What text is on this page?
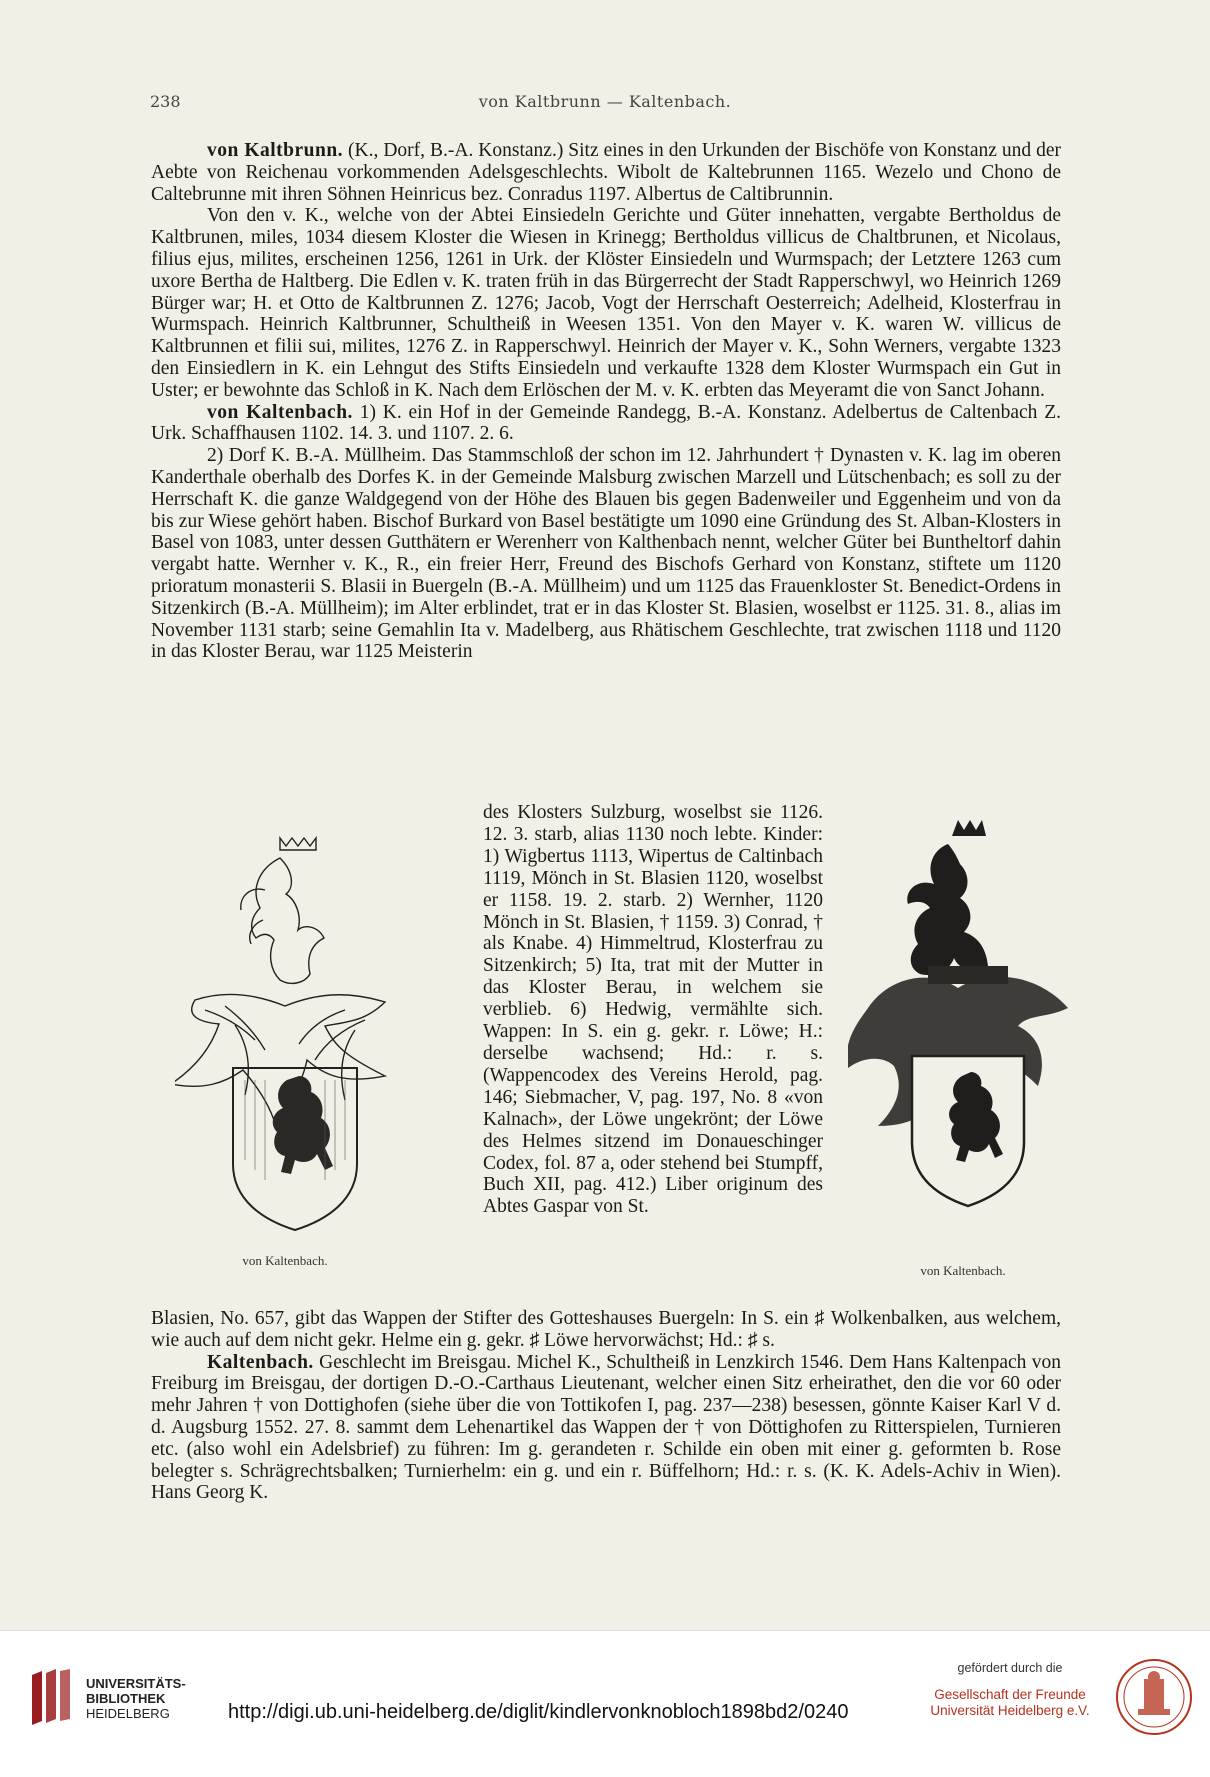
238	von Kaltbrunn — Kaltenbach.

von Kaltbrunn. (K., Dorf, B.-A. Konstanz.) Sitz eines in den Urkunden der Bischöfe von Konstanz und der Aebte von Reichenau vorkommenden Adelsgeschlechts. Wibolt de Kaltebrunnen 1165. Wezelo und Chono de Caltebrunne mit ihren Söhnen Heinricus bez. Conradus 1197. Albertus de Caltibrunnin.

Von den v. K., welche von der Abtei Einsiedeln Gerichte und Güter innehatten, vergabte Bertholdus de Kaltbrunen, miles, 1034 diesem Kloster die Wiesen in Krinegg; Bertholdus villicus de Chaltbrunen, et Nicolaus, filius ejus, milites, erscheinen 1256, 1261 in Urk. der Klöster Einsiedeln und Wurmspach; der Letztere 1263 cum uxore Bertha de Haltberg. Die Edlen v. K. traten früh in das Bürgerrecht der Stadt Rapperschwyl, wo Heinrich 1269 Bürger war; H. et Otto de Kaltbrunnen Z. 1276; Jacob, Vogt der Herrschaft Oesterreich; Adelheid, Klosterfrau in Wurmspach. Heinrich Kaltbrunner, Schultheiß in Weesen 1351. Von den Mayer v. K. waren W. villicus de Kaltbrunnen et filii sui, milites, 1276 Z. in Rapperschwyl. Heinrich der Mayer v. K., Sohn Werners, vergabte 1323 den Einsiedlern in K. ein Lehngut des Stifts Einsiedeln und verkaufte 1328 dem Kloster Wurmspach ein Gut in Uster; er bewohnte das Schloß in K. Nach dem Erlöschen der M. v. K. erbten das Meyeramt die von Sanct Johann.

von Kaltenbach. 1) K. ein Hof in der Gemeinde Randegg, B.-A. Konstanz. Adelbertus de Caltenbach Z. Urk. Schaffhausen 1102. 14. 3. und 1107. 2. 6.

2) Dorf K. B.-A. Müllheim. Das Stammschloß der schon im 12. Jahrhundert † Dynasten v. K. lag im oberen Kanderthale oberhalb des Dorfes K. in der Gemeinde Malsburg zwischen Marzell und Lütschenbach; es soll zu der Herrschaft K. die ganze Waldgegend von der Höhe des Blauen bis gegen Badenweiler und Eggenheim und von da bis zur Wiese gehört haben. Bischof Burkard von Basel bestätigte um 1090 eine Gründung des St. Alban-Klosters in Basel von 1083, unter dessen Gutthätern er Werenherr von Kalthenbach nennt, welcher Güter bei Buntheltorf dahin vergabt hatte. Wernher v. K., R., ein freier Herr, Freund des Bischofs Gerhard von Konstanz, stiftete um 1120 prioratum monasterii S. Blasii in Buergeln (B.-A. Müllheim) und um 1125 das Frauenkloster St. Benedict-Ordens in Sitzenkirch (B.-A. Müllheim); im Alter erblindet, trat er in das Kloster St. Blasien, woselbst er 1125. 31. 8., alias im November 1131 starb; seine Gemahlin Ita v. Madelberg, aus Rhätischem Geschlechte, trat zwischen 1118 und 1120 in das Kloster Berau, war 1125 Meisterin

von Kaltenbach.
des Klosters Sulzburg, woselbst sie 1126. 12. 3. starb, alias 1130 noch lebte. Kinder: 1) Wigbertus 1113, Wipertus de Caltinbach 1119, Mönch in St. Blasien 1120, woselbst er 1158. 19. 2. starb. 2) Wernher, 1120 Mönch in St. Blasien, † 1159. 3) Conrad, † als Knabe. 4) Himmeltrud, Klosterfrau zu Sitzenkirch; 5) Ita, trat mit der Mutter in das Kloster Berau, in welchem sie verblieb. 6) Hedwig, vermählte sich. Wappen: In S. ein g. gekr. r. Löwe; H.: derselbe wachsend; Hd.: r. s. (Wappencodex des Vereins Herold, pag. 146; Siebmacher, V, pag. 197, No. 8 «von Kalnach», der Löwe ungekrönt; der Löwe des Helmes sitzend im Donaueschinger Codex, fol. 87 a, oder stehend bei Stumpff, Buch XII, pag. 412.) Liber originum des Abtes Gaspar von St.
von Kaltenbach.

Blasien, No. 657, gibt das Wappen der Stifter des Gotteshauses Buergeln: In S. ein ♯ Wolkenbalken, aus welchem, wie auch auf dem nicht gekr. Helme ein g. gekr. ♯ Löwe hervorwächst; Hd.: ♯ s.

Kaltenbach. Geschlecht im Breisgau. Michel K., Schultheiß in Lenzkirch 1546. Dem Hans Kaltenpach von Freiburg im Breisgau, der dortigen D.-O.-Carthaus Lieutenant, welcher einen Sitz erheirathet, den die vor 60 oder mehr Jahren † von Dottighofen (siehe über die von Tottikofen I, pag. 237—238) besessen, gönnte Kaiser Karl V d. d. Augsburg 1552. 27. 8. sammt dem Lehenartikel das Wappen der † von Döttighofen zu Ritterspielen, Turnieren etc. (also wohl ein Adelsbrief) zu führen: Im g. gerandeten r. Schilde ein oben mit einer g. geformten b. Rose belegter s. Schrägrechtsbalken; Turnierhelm: ein g. und ein r. Büffelhorn; Hd.: r. s. (K. K. Adels-Achiv in Wien). Hans Georg K.

UNIVERSITÄTS-
BIBLIOTHEK
HEIDELBERG	http://digi.ub.uni-heidelberg.de/diglit/kindlervonknobloch1898bd2/0240
gefördert durch die
Gesellschaft der Freunde
Universität Heidelberg e.V.
